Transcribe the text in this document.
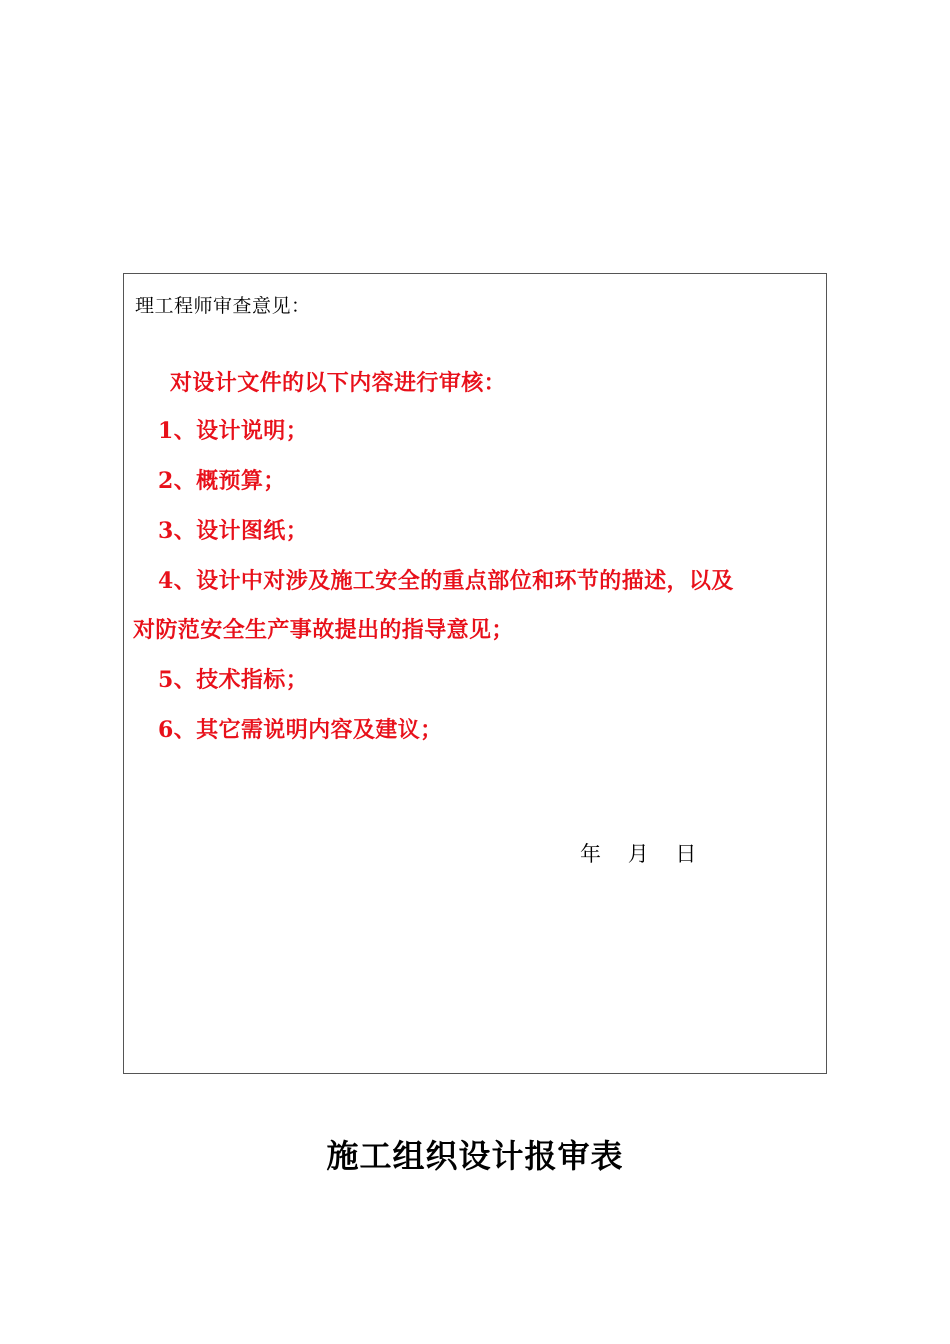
理工程师审查意见：
对设计文件的以下内容进行审核：
1、设计说明；
2、概预算；
3、设计图纸；
4、设计中对涉及施工安全的重点部位和环节的描述，以及
对防范安全生产事故提出的指导意见；
5、技术指标；
6、其它需说明内容及建议；
年    月    日
施工组织设计报审表
